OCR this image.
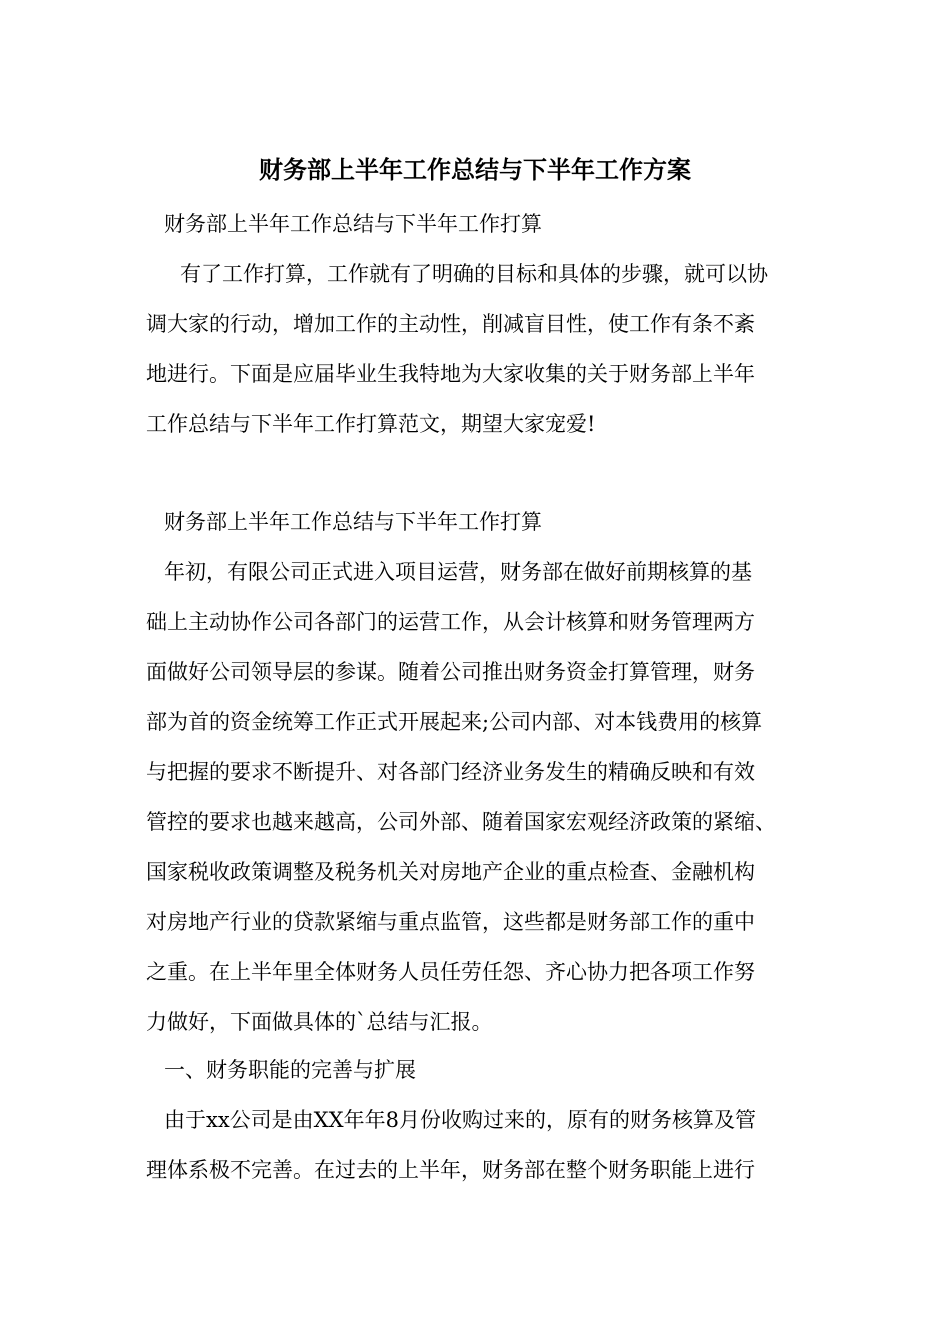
财务部上半年工作总结与下半年工作方案

财务部上半年工作总结与下半年工作打算

有了工作打算，工作就有了明确的目标和具体的步骤，就可以协

调大家的行动，增加工作的主动性，削减盲目性，使工作有条不紊

地进行。下面是应届毕业生我特地为大家收集的关于财务部上半年

工作总结与下半年工作打算范文，期望大家宠爱!

财务部上半年工作总结与下半年工作打算

年初，有限公司正式进入项目运营，财务部在做好前期核算的基

础上主动协作公司各部门的运营工作，从会计核算和财务管理两方

面做好公司领导层的参谋。随着公司推出财务资金打算管理，财务

部为首的资金统筹工作正式开展起来;公司内部、对本钱费用的核算

与把握的要求不断提升、对各部门经济业务发生的精确反映和有效

管控的要求也越来越高，公司外部、随着国家宏观经济政策的紧缩、

国家税收政策调整及税务机关对房地产企业的重点检查、金融机构

对房地产行业的贷款紧缩与重点监管，这些都是财务部工作的重中

之重。在上半年里全体财务人员任劳任怨、齐心协力把各项工作努

力做好，下面做具体的`总结与汇报。

一、财务职能的完善与扩展

由于xx公司是由XX年年8月份收购过来的，原有的财务核算及管

理体系极不完善。在过去的上半年，财务部在整个财务职能上进行
